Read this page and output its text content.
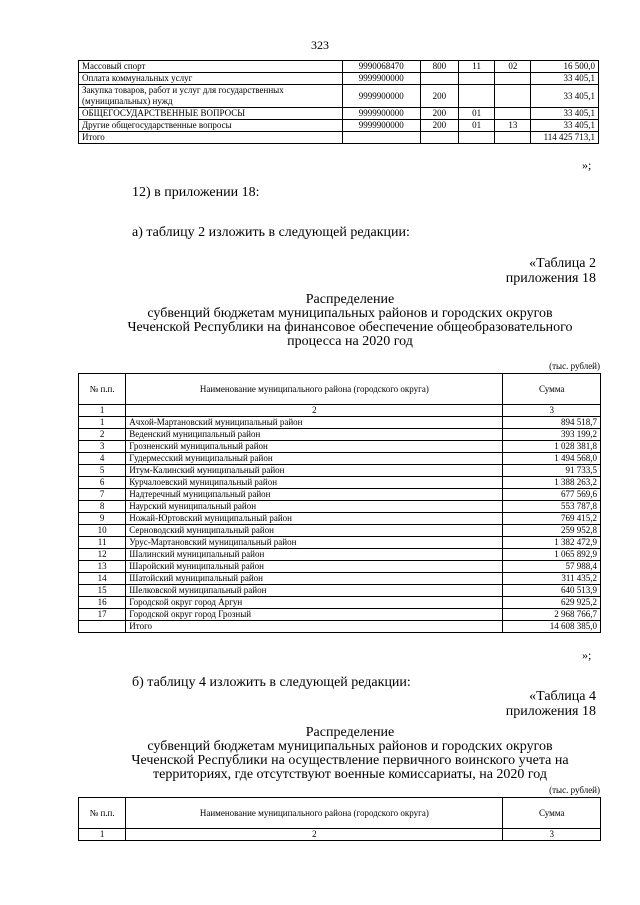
323
Массовый спорт	9990068470	800	11	02	16 500,0
Оплата коммунальных услуг	9999900000				33 405,1
Закупка товаров, работ и услуг для государственных (муниципальных) нужд	9999900000	200			33 405,1
ОБЩЕГОСУДАРСТВЕННЫЕ ВОПРОСЫ	9999900000	200	01		33 405,1
Другие общегосударственные вопросы	9999900000	200	01	13	33 405,1
Итого					114 425 713,1
»;
12) в приложении 18:
а) таблицу 2 изложить в следующей редакции:
«Таблица 2
приложения 18
Распределение
субвенций бюджетам муниципальных районов и городских округов
Чеченской Республики на финансовое обеспечение общеобразовательного
процесса на 2020 год
(тыс. рублей)
№ п.п.	Наименование муниципального района (городского округа)	Сумма
1	2	3
1	Ачхой-Мартановский муниципальный район	894 518,7
2	Веденский муниципальный район	393 199,2
3	Грозненский муниципальный район	1 028 381,8
4	Гудермесский муниципальный район	1 494 568,0
5	Итум-Калинский муниципальный район	91 733,5
6	Курчалоевский муниципальный район	1 388 263,2
7	Надтеречный муниципальный район	677 569,6
8	Наурский муниципальный район	553 787,8
9	Ножай-Юртовский муниципальный район	769 415,2
10	Серноводский муниципальный район	259 952,8
11	Урус-Мартановский муниципальный район	1 382 472,9
12	Шалинский муниципальный район	1 065 892,9
13	Шаройский муниципальный район	57 988,4
14	Шатойский муниципальный район	311 435,2
15	Шелковской муниципальный район	640 513,9
16	Городской округ город Аргун	629 925,2
17	Городской округ город Грозный	2 968 766,7
	Итого	14 608 385,0
»;
б) таблицу 4 изложить в следующей редакции:
«Таблица 4
приложения 18
Распределение
субвенций бюджетам муниципальных районов и городских округов
Чеченской Республики на осуществление первичного воинского учета на
территориях, где отсутствуют военные комиссариаты, на 2020 год
(тыс. рублей)
№ п.п.	Наименование муниципального района (городского округа)	Сумма
1	2	3
